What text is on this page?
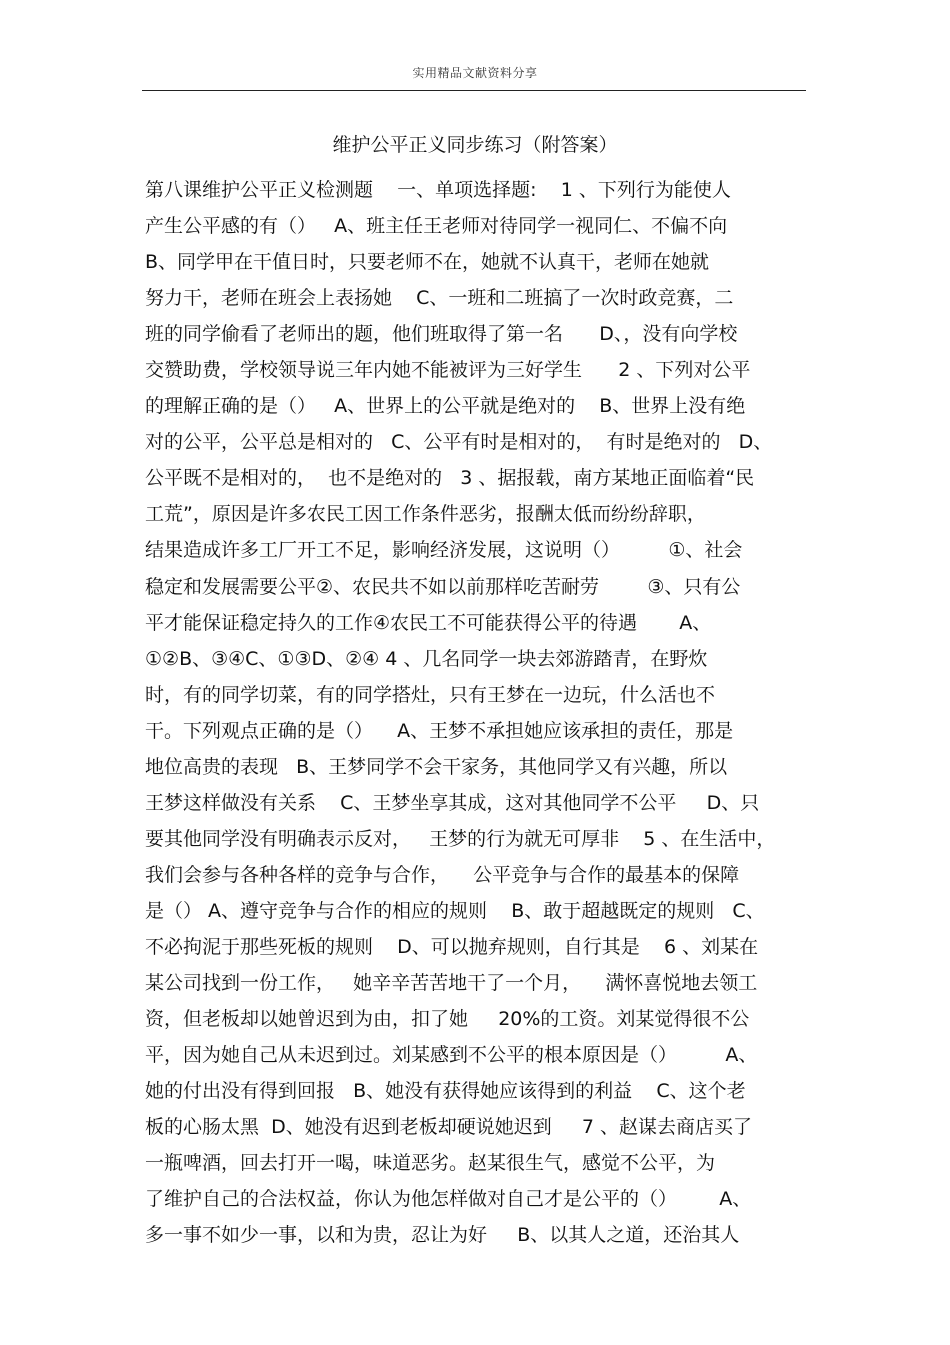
实用精品文献资料分享
维护公平正义同步练习（附答案）
第八课维护公平正义检测题    一、单项选择题:    1 、下列行为能使人
产生公平感的有（）   A、班主任王老师对待同学一视同仁、不偏不向
B、同学甲在干值日时，只要老师不在，她就不认真干，老师在她就
努力干，老师在班会上表扬她    C、一班和二班搞了一次时政竞赛，二
班的同学偷看了老师出的题，他们班取得了第一名      D、，没有向学校
交赞助费，学校领导说三年内她不能被评为三好学生      2 、下列对公平
的理解正确的是（）   A、世界上的公平就是绝对的    B、世界上没有绝
对的公平，公平总是相对的   C、公平有时是相对的，  有时是绝对的   D、
公平既不是相对的，  也不是绝对的   3 、据报载，南方某地正面临着“民
工荒”，原因是许多农民工因工作条件恶劣，报酬太低而纷纷辞职，
结果造成许多工厂开工不足，影响经济发展，这说明（）        ①、社会
稳定和发展需要公平②、农民共不如以前那样吃苦耐劳        ③、只有公
平才能保证稳定持久的工作④农民工不可能获得公平的待遇       A、
①②B、③④C、①③D、②④ 4 、几名同学一块去郊游踏青，在野炊
时，有的同学切菜，有的同学搭灶，只有王梦在一边玩，什么活也不
干。下列观点正确的是（）    A、王梦不承担她应该承担的责任，那是
地位高贵的表现   B、王梦同学不会干家务，其他同学又有兴趣，所以
王梦这样做没有关系    C、王梦坐享其成，这对其他同学不公平     D、只
要其他同学没有明确表示反对，   王梦的行为就无可厚非    5 、在生活中，
我们会参与各种各样的竞争与合作，    公平竞争与合作的最基本的保障
是（） A、遵守竞争与合作的相应的规则    B、敢于超越既定的规则   C、
不必拘泥于那些死板的规则    D、可以抛弃规则，自行其是    6 、刘某在
某公司找到一份工作，   她辛辛苦苦地干了一个月，    满怀喜悦地去领工
资，但老板却以她曾迟到为由，扣了她     20%的工资。刘某觉得很不公
平，因为她自己从未迟到过。刘某感到不公平的根本原因是（）        A、
她的付出没有得到回报   B、她没有获得她应该得到的利益    C、这个老
板的心肠太黑  D、她没有迟到老板却硬说她迟到     7 、赵谋去商店买了
一瓶啤酒，回去打开一喝，味道恶劣。赵某很生气，感觉不公平，为
了维护自己的合法权益，你认为他怎样做对自己才是公平的（）       A、
多一事不如少一事，以和为贵，忍让为好     B、以其人之道，还治其人
